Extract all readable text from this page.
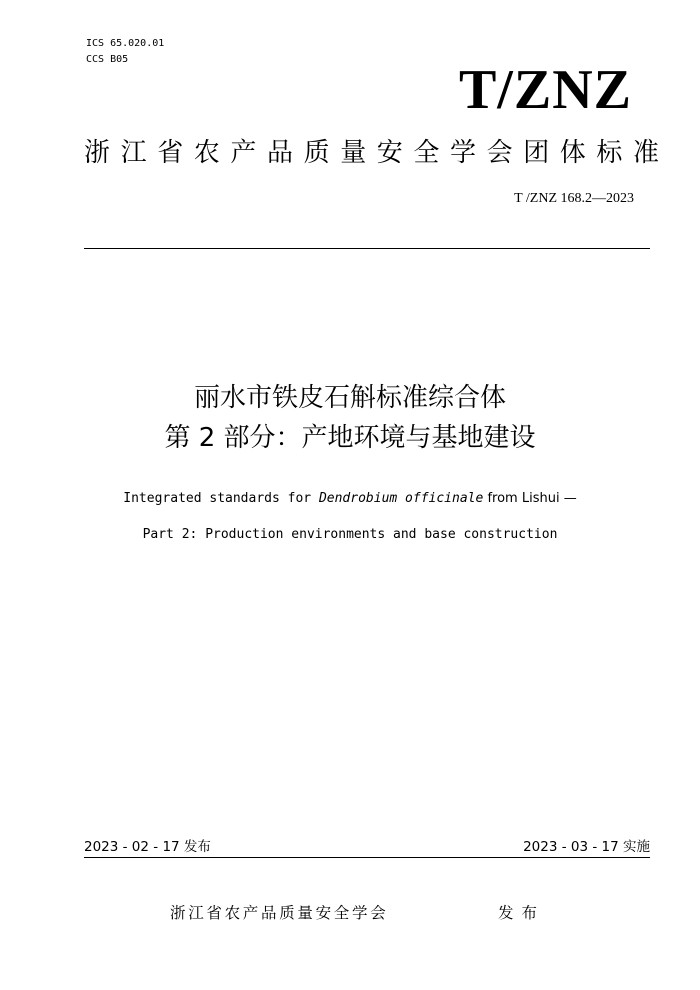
ICS 65.020.01
CCS B05	T/ZNZ
浙江省农产品质量安全学会团体标准
T /ZNZ 168.2—2023
丽水市铁皮石斛标准综合体
第 2 部分：产地环境与基地建设
Integrated standards for Dendrobium officinale from Lishui —
Part 2: Production environments and base construction
2023 - 02 - 17 发布	2023 - 03 - 17 实施
浙江省农产品质量安全学会	发布
